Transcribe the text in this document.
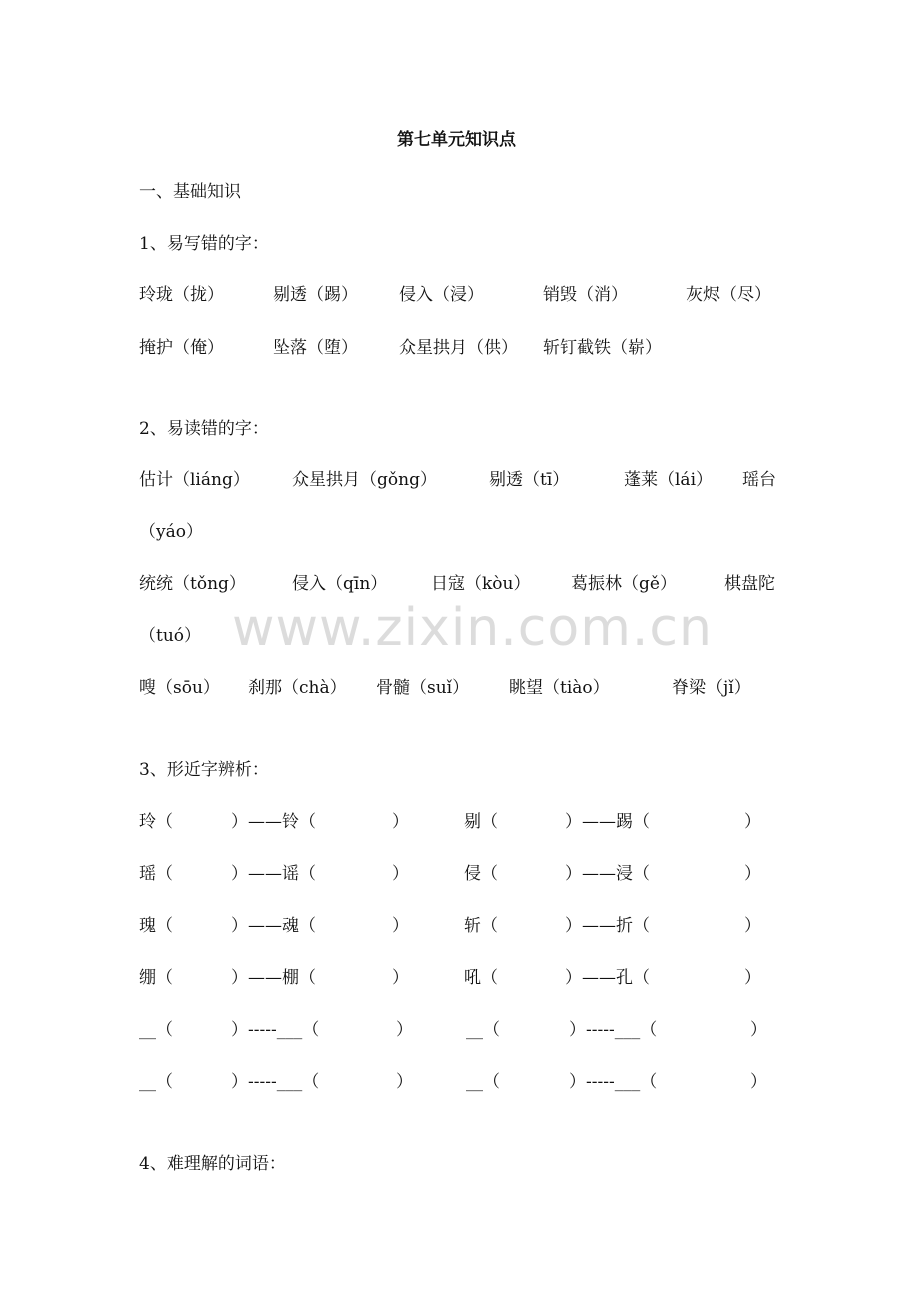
www.zixin.com.cn
第七单元知识点
一、基础知识
1、易写错的字：
玲珑（拢）	剔透（踢） 侵入（浸）	销毁（消）	灰烬（尽）
掩护（俺）	坠落（堕） 众星拱月（供） 斩钉截铁（崭）
2、易读错的字：
估计（liáng） 众星拱月（gǒng）	剔透（tī）	蓬莱（lái） 瑶台
（yáo）
统统（tǒng）	侵入（qīn）	日寇（kòu） 葛振林（gě）	棋盘陀
（tuó）
嗖（sōu） 刹那（chà） 骨髓（suǐ） 眺望（tiào）	脊梁（jǐ）
3、形近字辨析：
玲（	）——铃（	）	剔（	）——踢（	）
瑶（	）——谣（	）	侵（	）——浸（	）
瑰（	）——魂（	）	斩（	）——折（	）
绷（	）——棚（	）	吼（	）——孔（	）
__（	）-----___（	）	__（	）-----___（	）
__（	）-----___（	）	__（	）-----___（	）
4、难理解的词语：
